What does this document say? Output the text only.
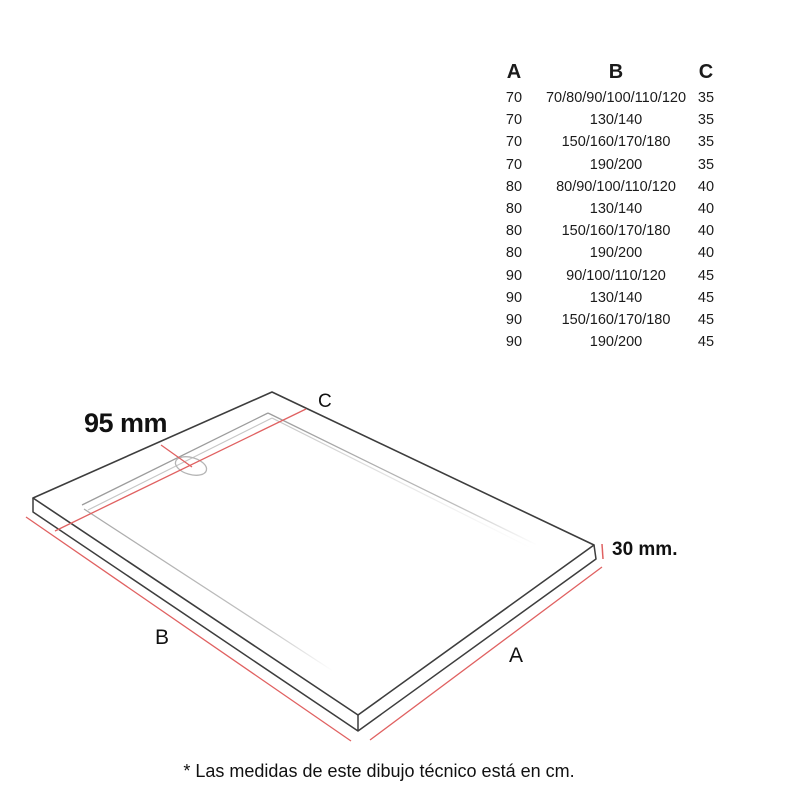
A	B	C
70	70/80/90/100/110/120 35
70	130/140	35
70	150/160/170/180	35
70	190/200	35
80	80/90/100/110/120	40
80	130/140	40
80	150/160/170/180	40
80	190/200	40
90	90/100/110/120	45
90	130/140	45
90	150/160/170/180	45
90	190/200	45
95 mm
C
30 mm.
B
A
* Las medidas de este dibujo técnico está en cm.
